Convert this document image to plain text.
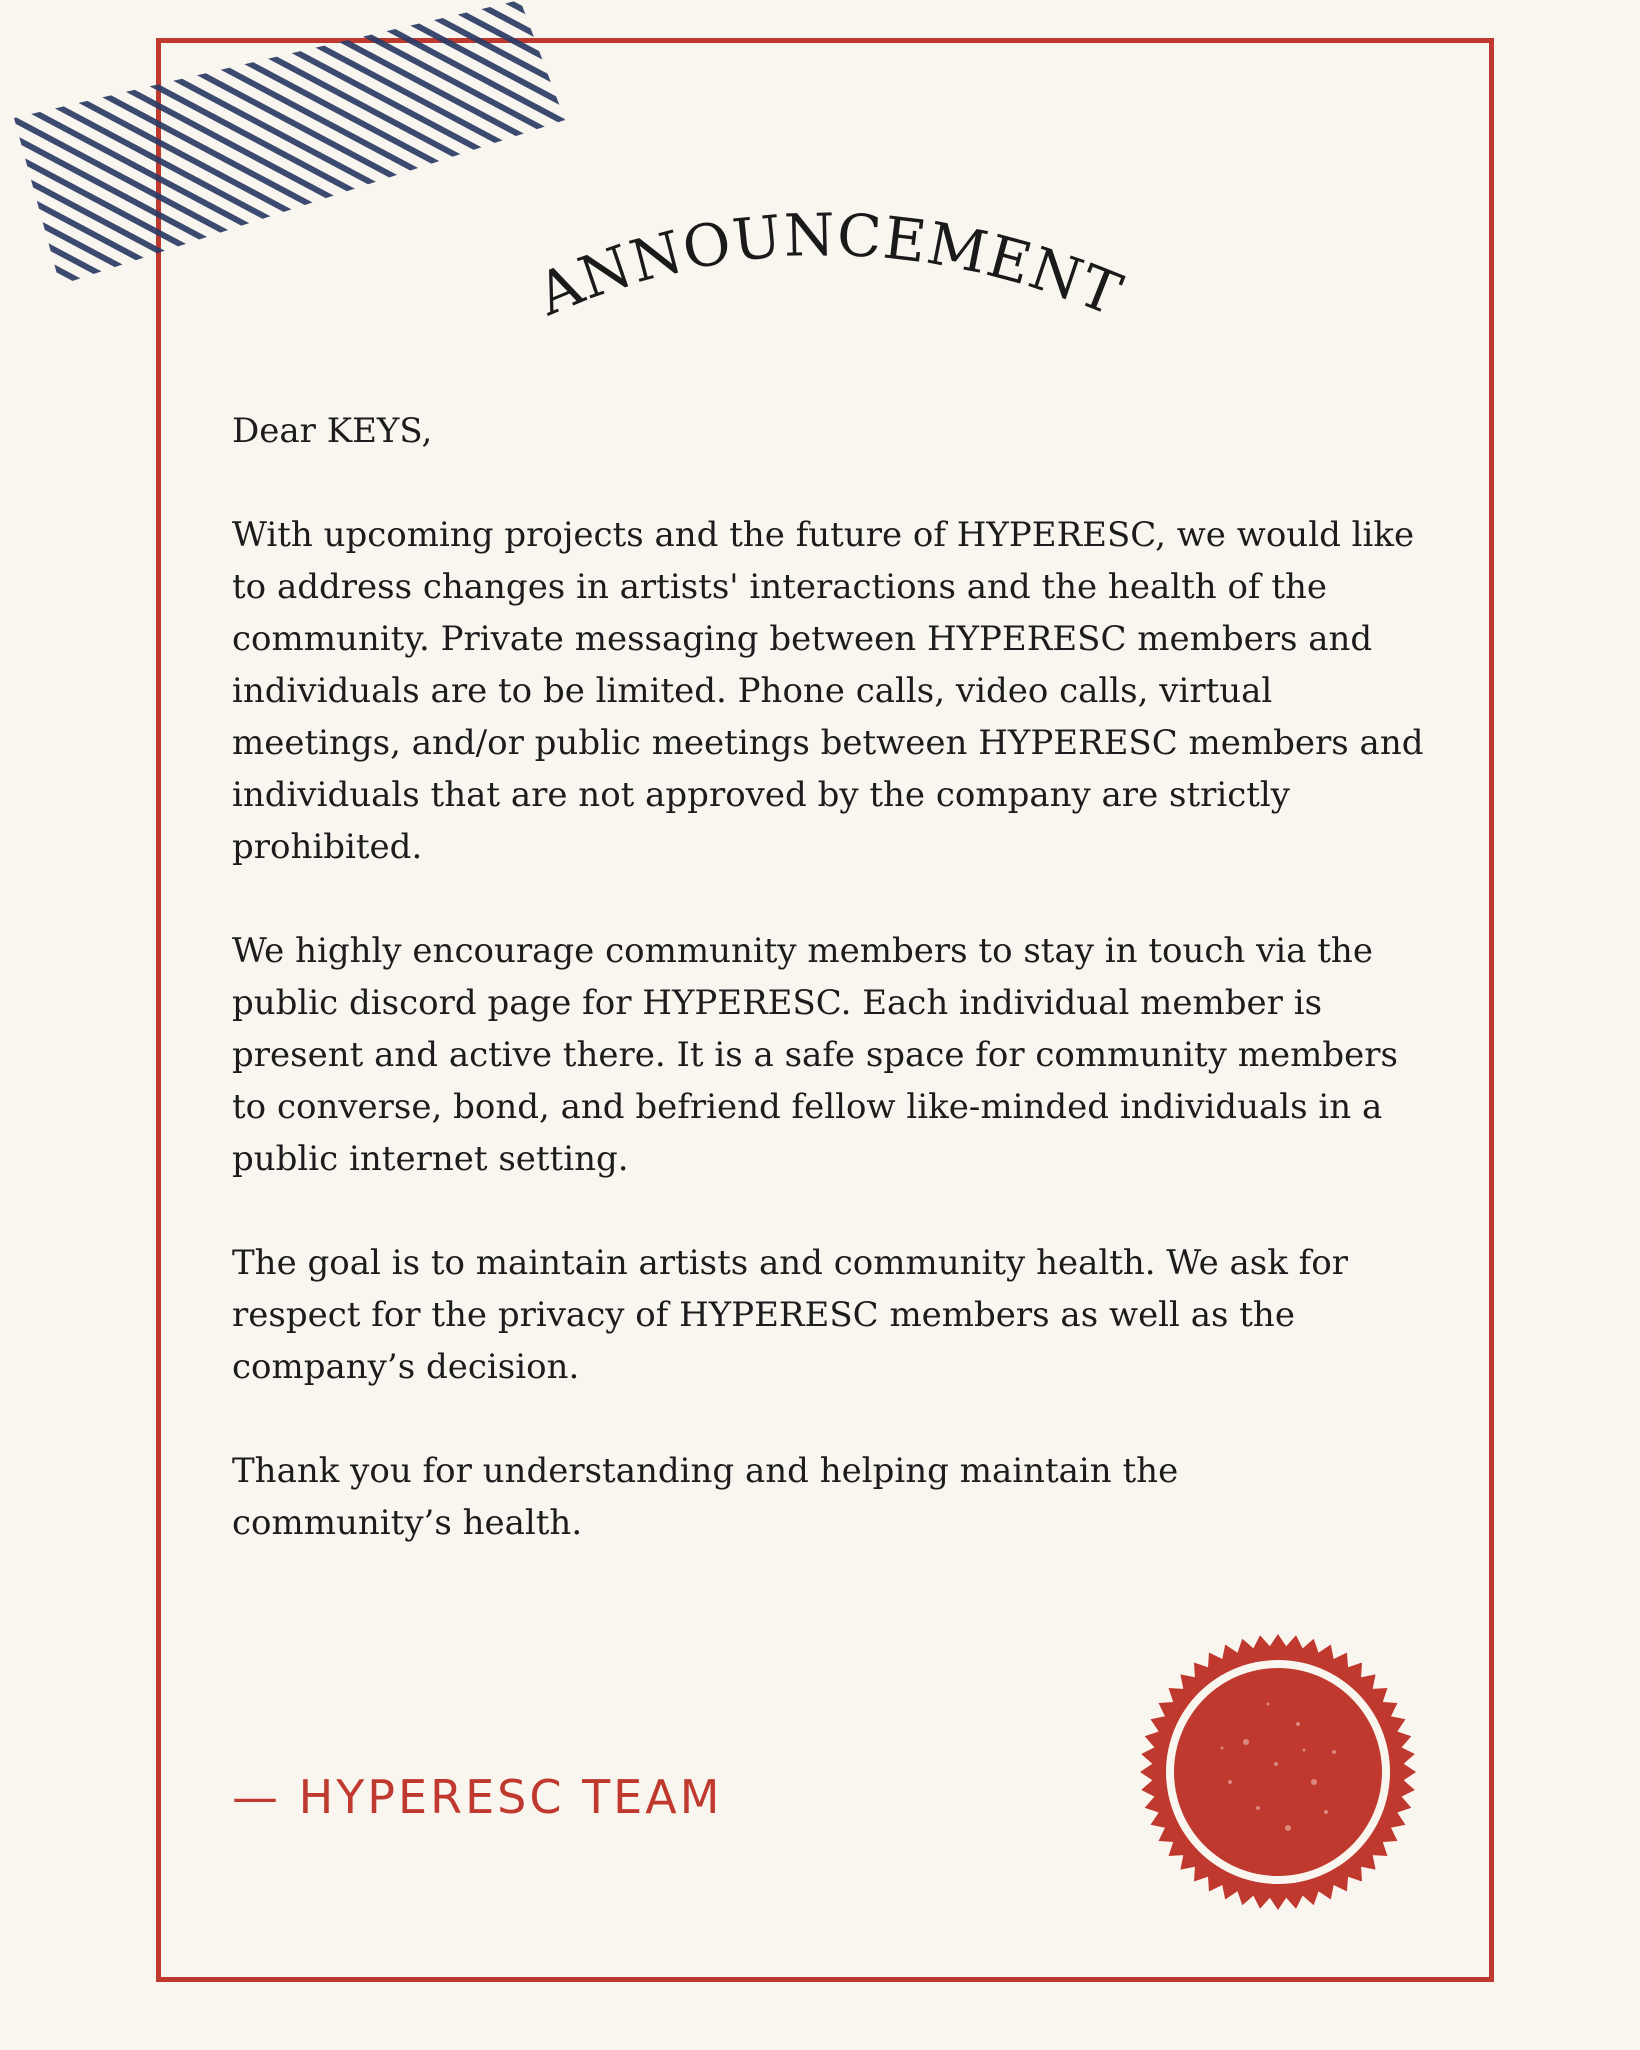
ANNOUNCEMENT

Dear KEYS,

With upcoming projects and the future of HYPERESC, we would like
to address changes in artists' interactions and the health of the
community. Private messaging between HYPERESC members and
individuals are to be limited. Phone calls, video calls, virtual
meetings, and/or public meetings between HYPERESC members and
individuals that are not approved by the company are strictly
prohibited.

We highly encourage community members to stay in touch via the
public discord page for HYPERESC. Each individual member is
present and active there. It is a safe space for community members
to converse, bond, and befriend fellow like-minded individuals in a
public internet setting.

The goal is to maintain artists and community health. We ask for
respect for the privacy of HYPERESC members as well as the
company’s decision.

Thank you for understanding and helping maintain the
community’s health.

— HYPERESC TEAM
